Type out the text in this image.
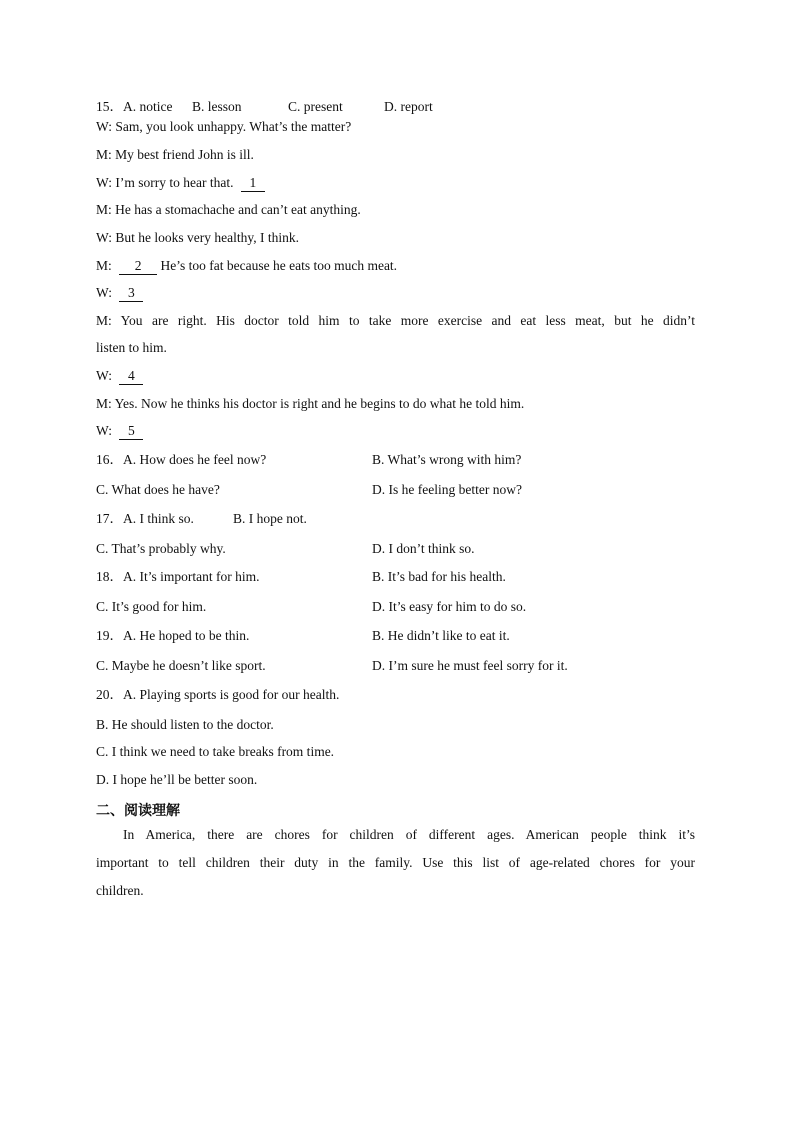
15．A. notice B. lesson	C. present	D. report
W: Sam, you look unhappy. What’s the matter?
M: My best friend John is ill.
W: I’m sorry to hear that. 1
M: He has a stomachache and can’t eat anything.
W: But he looks very healthy, I think.
M: 2 He’s too fat because he eats too much meat.
W: 3
M: You are right. His doctor told him to take more exercise and eat less meat, but he didn’t
listen to him.
W: 4
M: Yes. Now he thinks his doctor is right and he begins to do what he told him.
W: 5
16．A. How does he feel now?	B. What’s wrong with him?
C. What does he have?	D. Is he feeling better now?
17．A. I think so.	B. I hope not.
C. That’s probably why.	D. I don’t think so.
18．A. It’s important for him.	B. It’s bad for his health.
C. It’s good for him.	D. It’s easy for him to do so.
19．A. He hoped to be thin.	B. He didn’t like to eat it.
C. Maybe he doesn’t like sport.	D. I’m sure he must feel sorry for it.
20．A. Playing sports is good for our health.
B. He should listen to the doctor.
C. I think we need to take breaks from time.
D. I hope he’ll be better soon.
二、阅读理解
In America, there are chores for children of different ages. American people think it’s
important to tell children their duty in the family. Use this list of age-related chores for your
children.
